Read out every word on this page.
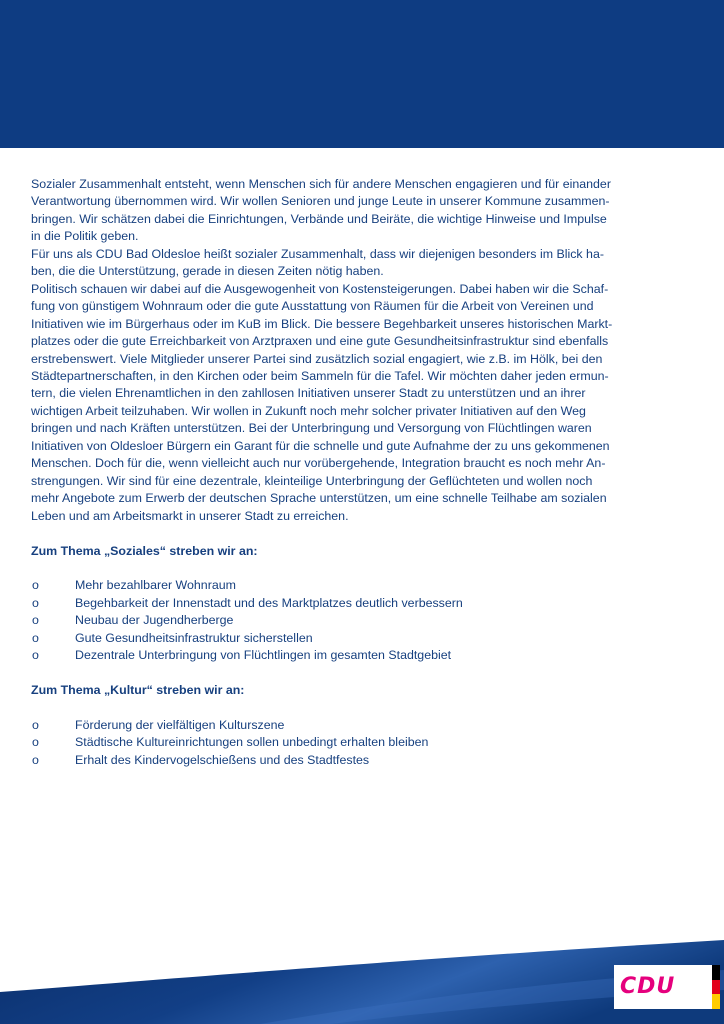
Sozialer Zusammenhalt entsteht, wenn Menschen sich für andere Menschen engagieren und für einander
Verantwortung übernommen wird. Wir wollen Senioren und junge Leute in unserer Kommune zusammen-
bringen. Wir schätzen dabei die Einrichtungen, Verbände und Beiräte, die wichtige Hinweise und Impulse
in die Politik geben.
Für uns als CDU Bad Oldesloe heißt sozialer Zusammenhalt, dass wir diejenigen besonders im Blick ha-
ben, die die Unterstützung, gerade in diesen Zeiten nötig haben.
Politisch schauen wir dabei auf die Ausgewogenheit von Kostensteigerungen. Dabei haben wir die Schaf-
fung von günstigem Wohnraum oder die gute Ausstattung von Räumen für die Arbeit von Vereinen und
Initiativen wie im Bürgerhaus oder im KuB im Blick. Die bessere Begehbarkeit unseres historischen Markt-
platzes oder die gute Erreichbarkeit von Arztpraxen und eine gute Gesundheitsinfrastruktur sind ebenfalls
erstrebenswert. Viele Mitglieder unserer Partei sind zusätzlich sozial engagiert, wie z.B. im Hölk, bei den
Städtepartnerschaften, in den Kirchen oder beim Sammeln für die Tafel. Wir möchten daher jeden ermun-
tern, die vielen Ehrenamtlichen in den zahllosen Initiativen unserer Stadt zu unterstützen und an ihrer
wichtigen Arbeit teilzuhaben. Wir wollen in Zukunft noch mehr solcher privater Initiativen auf den Weg
bringen und nach Kräften unterstützen. Bei der Unterbringung und Versorgung von Flüchtlingen waren
Initiativen von Oldesloer Bürgern ein Garant für die schnelle und gute Aufnahme der zu uns gekommenen
Menschen. Doch für die, wenn vielleicht auch nur vorübergehende, Integration braucht es noch mehr An-
strengungen. Wir sind für eine dezentrale, kleinteilige Unterbringung der Geflüchteten und wollen noch
mehr Angebote zum Erwerb der deutschen Sprache unterstützen, um eine schnelle Teilhabe am sozialen
Leben und am Arbeitsmarkt in unserer Stadt zu erreichen.

Zum Thema „Soziales“ streben wir an:
o	Mehr bezahlbarer Wohnraum
o	Begehbarkeit der Innenstadt und des Marktplatzes deutlich verbessern
o	Neubau der Jugendherberge
o	Gute Gesundheitsinfrastruktur sicherstellen
o	Dezentrale Unterbringung von Flüchtlingen im gesamten Stadtgebiet
Zum Thema „Kultur“ streben wir an:
o	Förderung der vielfältigen Kulturszene
o	Städtische Kultureinrichtungen sollen unbedingt erhalten bleiben
o	Erhalt des Kindervogelschießens und des Stadtfestes
CDU
